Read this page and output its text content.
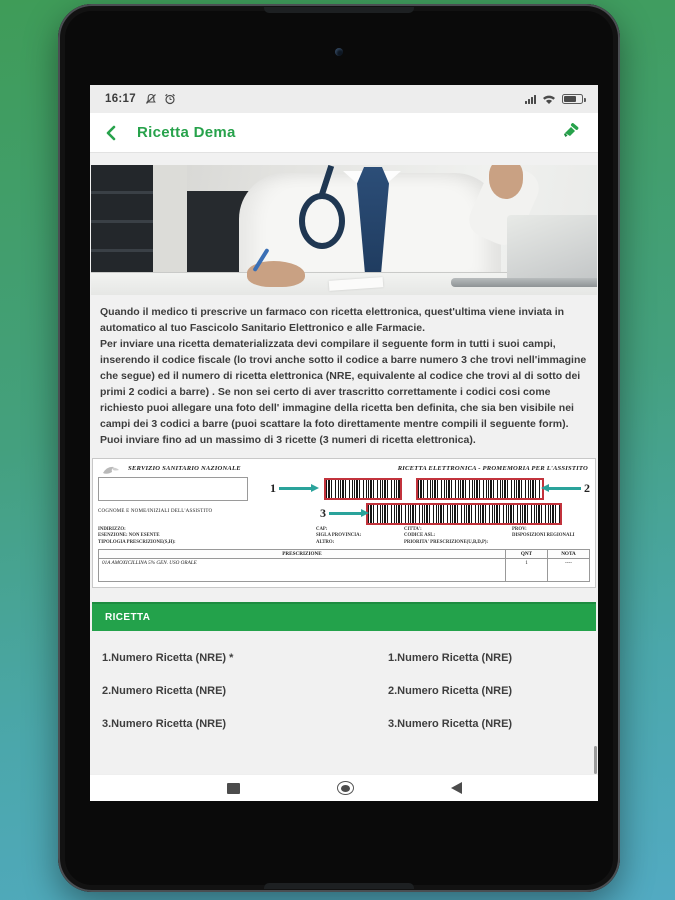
16:17
Ricetta Dema

Quando il medico ti prescrive un farmaco con ricetta elettronica, quest'ultima viene inviata in automatico al tuo Fascicolo Sanitario Elettronico e alle Farmacie.

Per inviare una ricetta dematerializzata devi compilare il seguente form in tutti i suoi campi, inserendo il codice fiscale (lo trovi anche sotto il codice a barre numero 3 che trovi nell'immagine che segue) ed il numero di ricetta elettronica (NRE, equivalente al codice che trovi al di sotto dei primi 2 codici a barre) . Se non sei certo di aver trascritto correttamente i codici cosi come richiesto puoi allegare una foto dell' immagine della ricetta ben definita, che sia ben visibile nei campi dei 3 codici a barre (puoi scattare la foto direttamente mentre compili il seguente form).

Puoi inviare fino ad un massimo di 3 ricette (3 numeri di ricetta elettronica).

SERVIZIO SANITARIO NAZIONALE	RICETTA ELETTRONICA - PROMEMORIA PER L'ASSISTITO
1	2
COGNOME E NOME/INIZIALI DELL'ASSISTITO	3
INDIRIZZO:	CAP:	CITTA':	PROV:
ESENZIONE: NON ESENTE	SIGLA PROVINCIA:	CODICE ASL:	DISPOSIZIONI REGIONALI
TIPOLOGIA PRESCRIZIONE(S,H):	ALTRO:	PRIORITA' PRESCRIZIONE(U,B,D,P):
PRESCRIZIONE	QNT	NOTA
01A AMOXICILLINA 5% GEN. USO ORALE	1	----
RICETTA
1.Numero Ricetta (NRE) *	1.Numero Ricetta (NRE)
2.Numero Ricetta (NRE)	2.Numero Ricetta (NRE)
3.Numero Ricetta (NRE)	3.Numero Ricetta (NRE)
